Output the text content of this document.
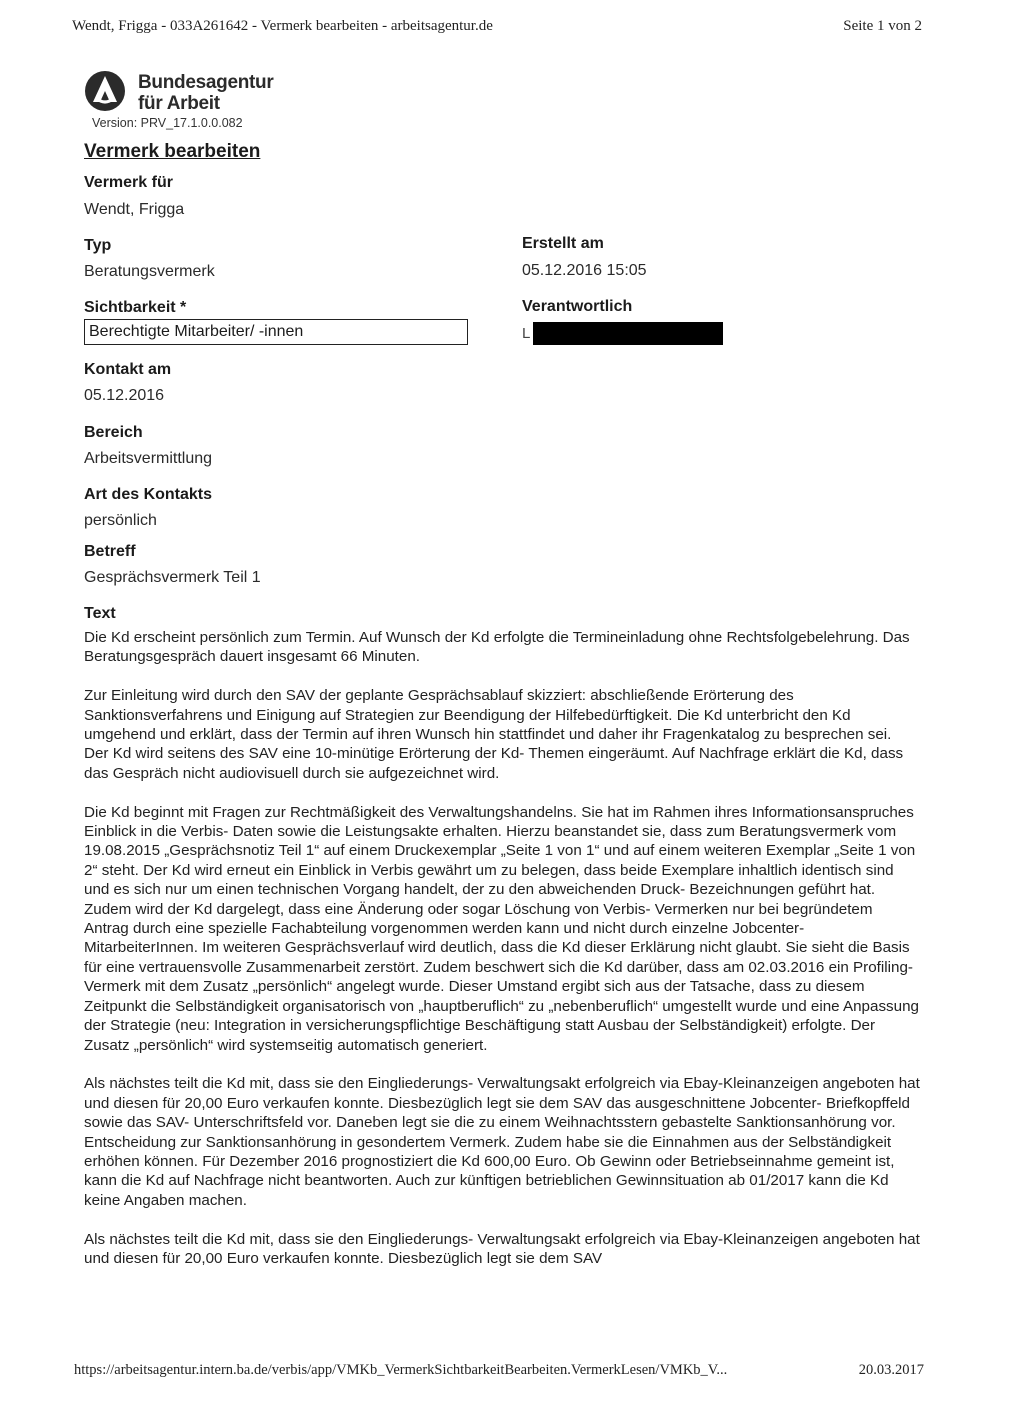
Wendt, Frigga - 033A261642 - Vermerk bearbeiten - arbeitsagentur.de	Seite 1 von 2
Bundesagentur
für Arbeit
Version: PRV_17.1.0.0.082
Vermerk bearbeiten
Vermerk für
Wendt, Frigga
Typ
Beratungsvermerk
Sichtbarkeit *
Berechtigte Mitarbeiter/ -innen
Kontakt am
05.12.2016
Bereich
Arbeitsvermittlung
Art des Kontakts
persönlich
Betreff
Gesprächsvermerk Teil 1
Erstellt am
05.12.2016 15:05
Verantwortlich
L
Text

Die Kd erscheint persönlich zum Termin. Auf Wunsch der Kd erfolgte die Termineinladung ohne Rechtsfolgebelehrung. Das Beratungsgespräch dauert insgesamt 66 Minuten.

Zur Einleitung wird durch den SAV der geplante Gesprächsablauf skizziert: abschließende Erörterung des Sanktionsverfahrens und Einigung auf Strategien zur Beendigung der Hilfebedürftigkeit. Die Kd unterbricht den Kd umgehend und erklärt, dass der Termin auf ihren Wunsch hin stattfindet und daher ihr Fragenkatalog zu besprechen sei. Der Kd wird seitens des SAV eine 10-minütige Erörterung der Kd- Themen eingeräumt. Auf Nachfrage erklärt die Kd, dass das Gespräch nicht audiovisuell durch sie aufgezeichnet wird.

Die Kd beginnt mit Fragen zur Rechtmäßigkeit des Verwaltungshandelns. Sie hat im Rahmen ihres Informationsanspruches Einblick in die Verbis- Daten sowie die Leistungsakte erhalten. Hierzu beanstandet sie, dass zum Beratungsvermerk vom 19.08.2015 „Gesprächsnotiz Teil 1“ auf einem Druckexemplar „Seite 1 von 1“ und auf einem weiteren Exemplar „Seite 1 von 2“ steht. Der Kd wird erneut ein Einblick in Verbis gewährt um zu belegen, dass beide Exemplare inhaltlich identisch sind und es sich nur um einen technischen Vorgang handelt, der zu den abweichenden Druck- Bezeichnungen geführt hat. Zudem wird der Kd dargelegt, dass eine Änderung oder sogar Löschung von Verbis- Vermerken nur bei begründetem Antrag durch eine spezielle Fachabteilung vorgenommen werden kann und nicht durch einzelne Jobcenter- MitarbeiterInnen. Im weiteren Gesprächsverlauf wird deutlich, dass die Kd dieser Erklärung nicht glaubt. Sie sieht die Basis für eine vertrauensvolle Zusammenarbeit zerstört. Zudem beschwert sich die Kd darüber, dass am 02.03.2016 ein Profiling- Vermerk mit dem Zusatz „persönlich“ angelegt wurde. Dieser Umstand ergibt sich aus der Tatsache, dass zu diesem Zeitpunkt die Selbständigkeit organisatorisch von „hauptberuflich“ zu „nebenberuflich“ umgestellt wurde und eine Anpassung der Strategie (neu: Integration in versicherungspflichtige Beschäftigung statt Ausbau der Selbständigkeit) erfolgte. Der Zusatz „persönlich“ wird systemseitig automatisch generiert.

Als nächstes teilt die Kd mit, dass sie den Eingliederungs- Verwaltungsakt erfolgreich via Ebay-Kleinanzeigen angeboten hat und diesen für 20,00 Euro verkaufen konnte. Diesbezüglich legt sie dem SAV das ausgeschnittene Jobcenter- Briefkopffeld sowie das SAV- Unterschriftsfeld vor. Daneben legt sie die zu einem Weihnachtsstern gebastelte Sanktionsanhörung vor. Entscheidung zur Sanktionsanhörung in gesondertem Vermerk. Zudem habe sie die Einnahmen aus der Selbständigkeit erhöhen können. Für Dezember 2016 prognostiziert die Kd 600,00 Euro. Ob Gewinn oder Betriebseinnahme gemeint ist, kann die Kd auf Nachfrage nicht beantworten. Auch zur künftigen betrieblichen Gewinnsituation ab 01/2017 kann die Kd keine Angaben machen.

Als nächstes teilt die Kd mit, dass sie den Eingliederungs- Verwaltungsakt erfolgreich via Ebay-Kleinanzeigen angeboten hat und diesen für 20,00 Euro verkaufen konnte. Diesbezüglich legt sie dem SAV

https://arbeitsagentur.intern.ba.de/verbis/app/VMKb_VermerkSichtbarkeitBearbeiten.VermerkLesen/VMKb_V...	20.03.2017
